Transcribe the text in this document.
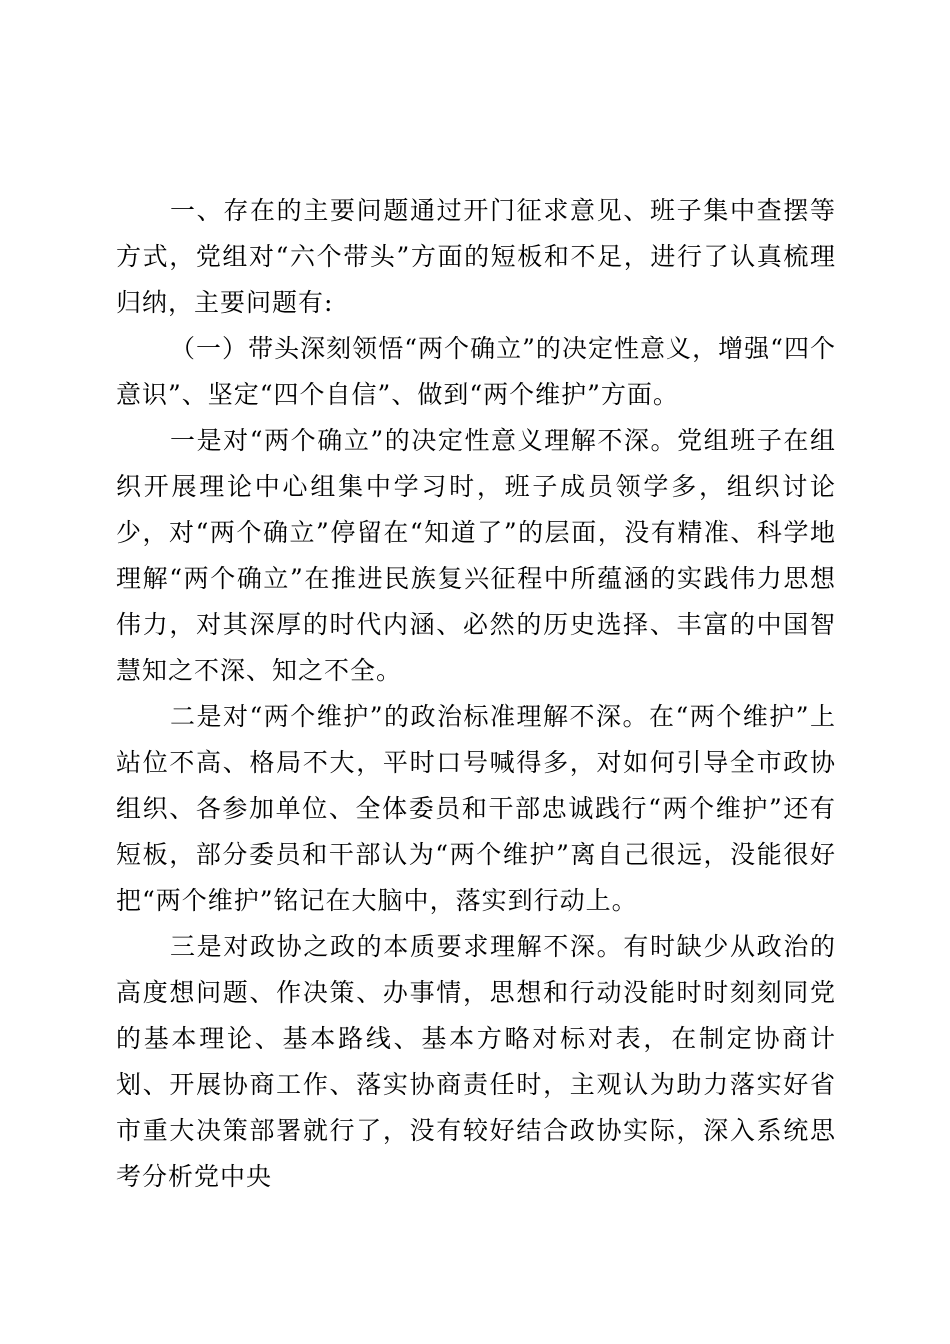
一、存在的主要问题通过开门征求意见、班子集中查摆等方式，党组对“六个带头”方面的短板和不足，进行了认真梳理归纳，主要问题有:

（一）带头深刻领悟“两个确立”的决定性意义，增强“四个意识”、坚定“四个自信”、做到“两个维护”方面。

一是对“两个确立”的决定性意义理解不深。党组班子在组织开展理论中心组集中学习时，班子成员领学多，组织讨论少，对“两个确立”停留在“知道了”的层面，没有精准、科学地理解“两个确立”在推进民族复兴征程中所蕴涵的实践伟力思想伟力，对其深厚的时代内涵、必然的历史选择、丰富的中国智慧知之不深、知之不全。

二是对“两个维护”的政治标准理解不深。在“两个维护”上站位不高、格局不大，平时口号喊得多，对如何引导全市政协组织、各参加单位、全体委员和干部忠诚践行“两个维护”还有短板，部分委员和干部认为“两个维护”离自己很远，没能很好把“两个维护”铭记在大脑中，落实到行动上。

三是对政协之政的本质要求理解不深。有时缺少从政治的高度想问题、作决策、办事情，思想和行动没能时时刻刻同党的基本理论、基本路线、基本方略对标对表，在制定协商计划、开展协商工作、落实协商责任时，主观认为助力落实好省市重大决策部署就行了，没有较好结合政协实际，深入系统思考分析党中央
